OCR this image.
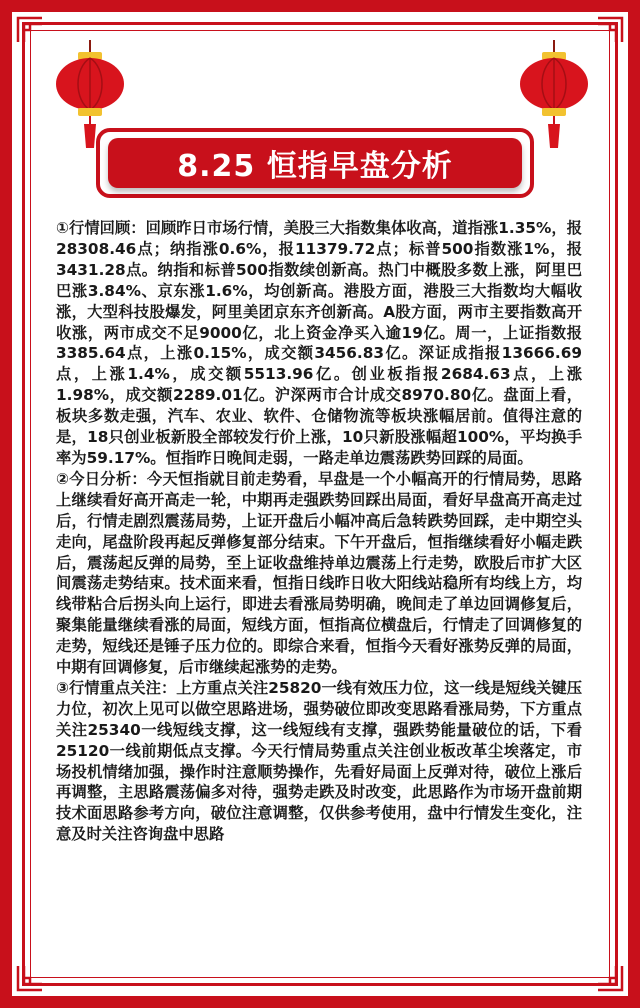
8.25 恒指早盘分析

①行情回顾：回顾昨日市场行情，美股三大指数集体收高，道指涨1.35%，报28308.46点；纳指涨0.6%，报11379.72点；标普500指数涨1%，报3431.28点。纳指和标普500指数续创新高。热门中概股多数上涨，阿里巴巴涨3.84%、京东涨1.6%，均创新高。港股方面，港股三大指数均大幅收涨，大型科技股爆发，阿里美团京东齐创新高。A股方面，两市主要指数高开收涨，两市成交不足9000亿，北上资金净买入逾19亿。周一，上证指数报3385.64点，上涨0.15%，成交额3456.83亿。深证成指报13666.69点，上涨1.4%，成交额5513.96亿。创业板指报2684.63点，上涨1.98%，成交额2289.01亿。沪深两市合计成交8970.80亿。盘面上看，板块多数走强，汽车、农业、软件、仓储物流等板块涨幅居前。值得注意的是，18只创业板新股全部较发行价上涨，10只新股涨幅超100%，平均换手率为59.17%。恒指昨日晚间走弱，一路走单边震荡跌势回踩的局面。

②今日分析：今天恒指就目前走势看，早盘是一个小幅高开的行情局势，思路上继续看好高开高走一轮，中期再走强跌势回踩出局面，看好早盘高开高走过后，行情走剧烈震荡局势，上证开盘后小幅冲高后急转跌势回踩，走中期空头走向，尾盘阶段再起反弹修复部分结束。下午开盘后，恒指继续看好小幅走跌后，震荡起反弹的局势，至上证收盘维持单边震荡上行走势，欧股后市扩大区间震荡走势结束。技术面来看，恒指日线昨日收大阳线站稳所有均线上方，均线带粘合后拐头向上运行，即进去看涨局势明确，晚间走了单边回调修复后，聚集能量继续看涨的局面，短线方面，恒指高位横盘后，行情走了回调修复的走势，短线还是锤子压力位的。即综合来看，恒指今天看好涨势反弹的局面，中期有回调修复，后市继续起涨势的走势。

③行情重点关注：上方重点关注25820一线有效压力位，这一线是短线关键压力位，初次上见可以做空思路进场，强势破位即改变思路看涨局势，下方重点关注25340一线短线支撑，这一线短线有支撑，强跌势能量破位的话，下看25120一线前期低点支撑。今天行情局势重点关注创业板改革尘埃落定，市场投机情绪加强，操作时注意顺势操作，先看好局面上反弹对待，破位上涨后再调整，主思路震荡偏多对待，强势走跌及时改变，此思路作为市场开盘前期技术面思路参考方向，破位注意调整，仅供参考使用，盘中行情发生变化，注意及时关注咨询盘中思路
